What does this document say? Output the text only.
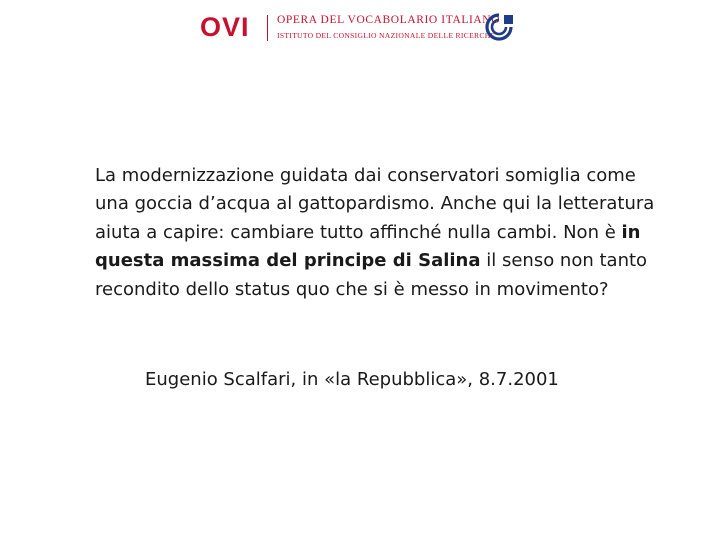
OVI OPERA DEL VOCABOLARIO ITALIANO
ISTITUTO DEL CONSIGLIO NAZIONALE DELLE RICERCHE
La modernizzazione guidata dai conservatori somiglia come una goccia d’acqua al gattopardismo. Anche qui la letteratura aiuta a capire: cambiare tutto affinché nulla cambi. Non è in questa massima del principe di Salina il senso non tanto recondito dello status quo che si è messo in movimento?
Eugenio Scalfari, in «la Repubblica», 8.7.2001
